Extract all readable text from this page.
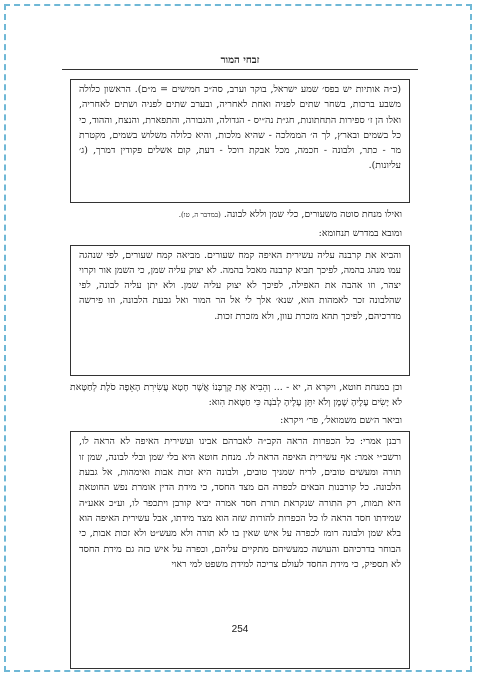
זבחי המור

(כ״ה אותיות יש בפס׳ שמע ישראל, בוקר וערב, סה״כ חמישים = מ״ם). הראשון כלולה משבע ברכות, בשחר שתים לפניה ואחת לאחריה, ובערב שתים לפניה ושתים לאחריה, ואלו הן ז׳ ספירות התחתונות, חג״ת נה״יס - הגדולה, והגבורה, והתפארת, והנצח, וההוד, כי כל בשמים ובארץ, לך ה׳ הממלכה - שהיא מלכות, והיא כלולה משלוש בשמים, מקטרת מר - כתר, ולבונה - חכמה, מכל אבקת רוכל - דעת, קום אשלים פקודין דמרך, (ג׳ עליונות).

ואילו מנחת סוטה משעורים, כלי שמן וללא לבונה. (במדבר ה, טו).

ומובא במדרש תנחומא:

והביא את קרבנה עליה עשירית האיפה קמח שעורים. מביאה קמח שעורים, לפי שנהגה עמו מנהג בהמה, לפיכך תביא קרבנה מאכל בהמה. לא יצוק עליה שמן, כי השמן אור וקרוי יצהר, וזו אהבה את האפילה, לפיכך לא יצוק עליה שמן. ולא יתן עליה לבונה, לפי שהלבונה זכר לאמהות הוא, שנא׳ אלך לי אל הר המור ואל גבעת הלבונה, וזו פירשה מדרכיהם, לפיכך תהא מזכרת עוון, ולא מזכרת זכות.

וכן במנחת חוטא, ויקרא ה, יא - ... וְהֵבִיא אֶת קָרְבָּנוֹ אֲשֶׁר חָטָא עֲשִׂירִת הָאֵפָה סֹלֶת לְחַטָּאת לֹא יָשִׂים עָלֶיהָ שֶׁמֶן וְלֹא יִתֵּן עָלֶיהָ לְבֹנָה כִּי חַטָּאת הִוא:

וביאר ה׳שם משמואל׳, פר׳ ויקרא:

רבנן אמרי: כל הכפרות הראה הקב״ה לאברהם אבינו ועשירית האיפה לא הראה לו, ורשב״י אמר: אף עשירית האיפה הראה לו. מנחת חוטא היא בלי שמן ובלי לבונה, שמן זו תורה ומעשים טובים, לריח שמניך טובים, ולבונה היא זכות אבות ואימהות, אל גבעת הלבונה. כל קורבנות הבאים לכפרה הם מצד החסד, כי מידת הדין אומרת נפש החוטאת היא תמות, רק התורה שנקראת תורת חסד אמרה יביא קורבן ויתכפר לו, וע״כ אאע״ה שמידתו חסד הראה לו כל הכפרות להורות שזה הוא מצד מידתו, אבל עשירית האיפה הוא בלא שמן ולבונה רומז לכפרה על איש שאין בו לא תורה ולא מעש״ט ולא זכות אבות, כי הבוחר בדרכיהם והעושה כמעשיהם מתקיים עליהם, וכפרה על איש כזה גם מידת החסד לא תספיק, כי מידת החסד לעולם צריכה למידת משפט למי ראוי

254
